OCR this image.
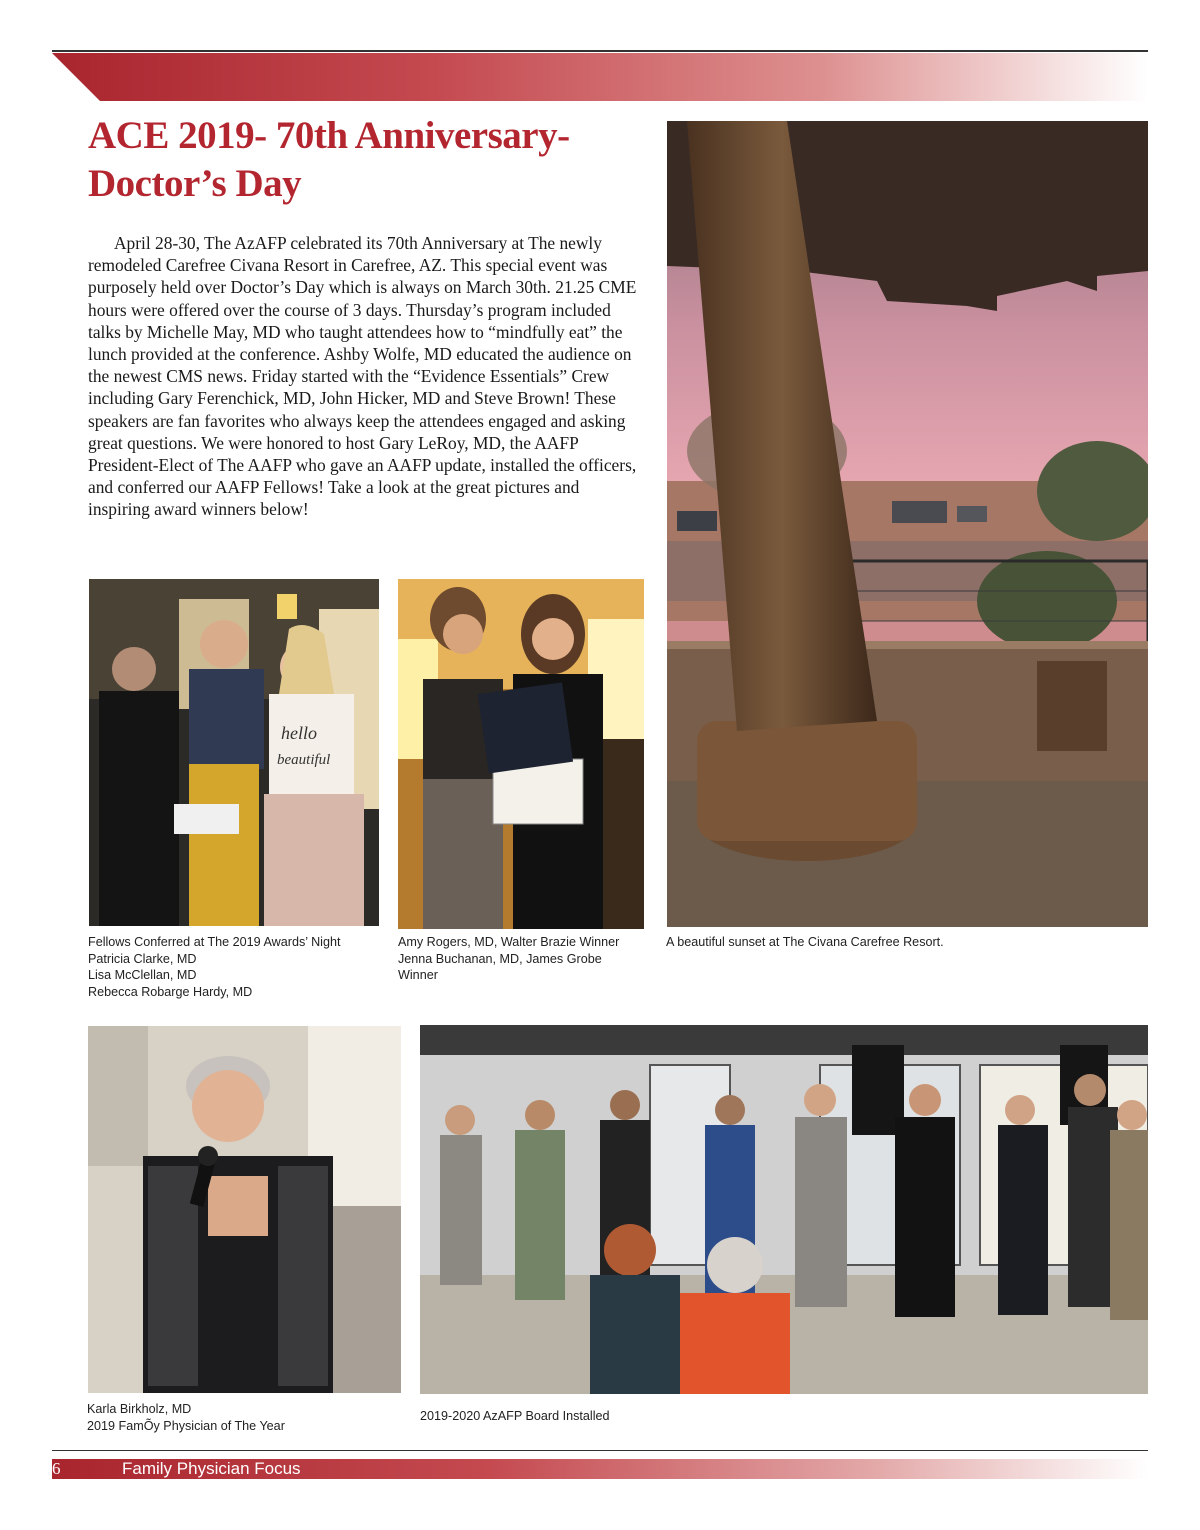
ACE 2019- 70th Anniversary-
Doctor’s Day

April 28-30, The AzAFP celebrated its 70th Anniversary at The newly remodeled Carefree Civana Resort in Carefree, AZ. This special event was purposely held over Doctor’s Day which is always on March 30th. 21.25 CME hours were offered over the course of 3 days. Thursday’s program included talks by Michelle May, MD who taught attendees how to “mindfully eat” the lunch provided at the conference. Ashby Wolfe, MD educated the audience on the newest CMS news. Friday started with the “Evidence Essentials” Crew including Gary Ferenchick, MD, John Hicker, MD and Steve Brown! These speakers are fan favorites who always keep the attendees engaged and asking great questions. We were honored to host Gary LeRoy, MD, the AAFP President-Elect of The AAFP who gave an AAFP update, installed the officers, and conferred our AAFP Fellows! Take a look at the great pictures and inspiring award winners below!

hello
beautiful

Fellows Conferred at The 2019 Awards’ Night
Patricia Clarke, MD
Lisa McClellan, MD
Rebecca Robarge Hardy, MD

Amy Rogers, MD, Walter Brazie Winner
Jenna Buchanan, MD, James Grobe
Winner

A beautiful sunset at The Civana Carefree Resort.

Karla Birkholz, MD
2019 FamÕy Physician of The Year

2019-2020 AzAFP Board Installed

6	Family Physician Focus
